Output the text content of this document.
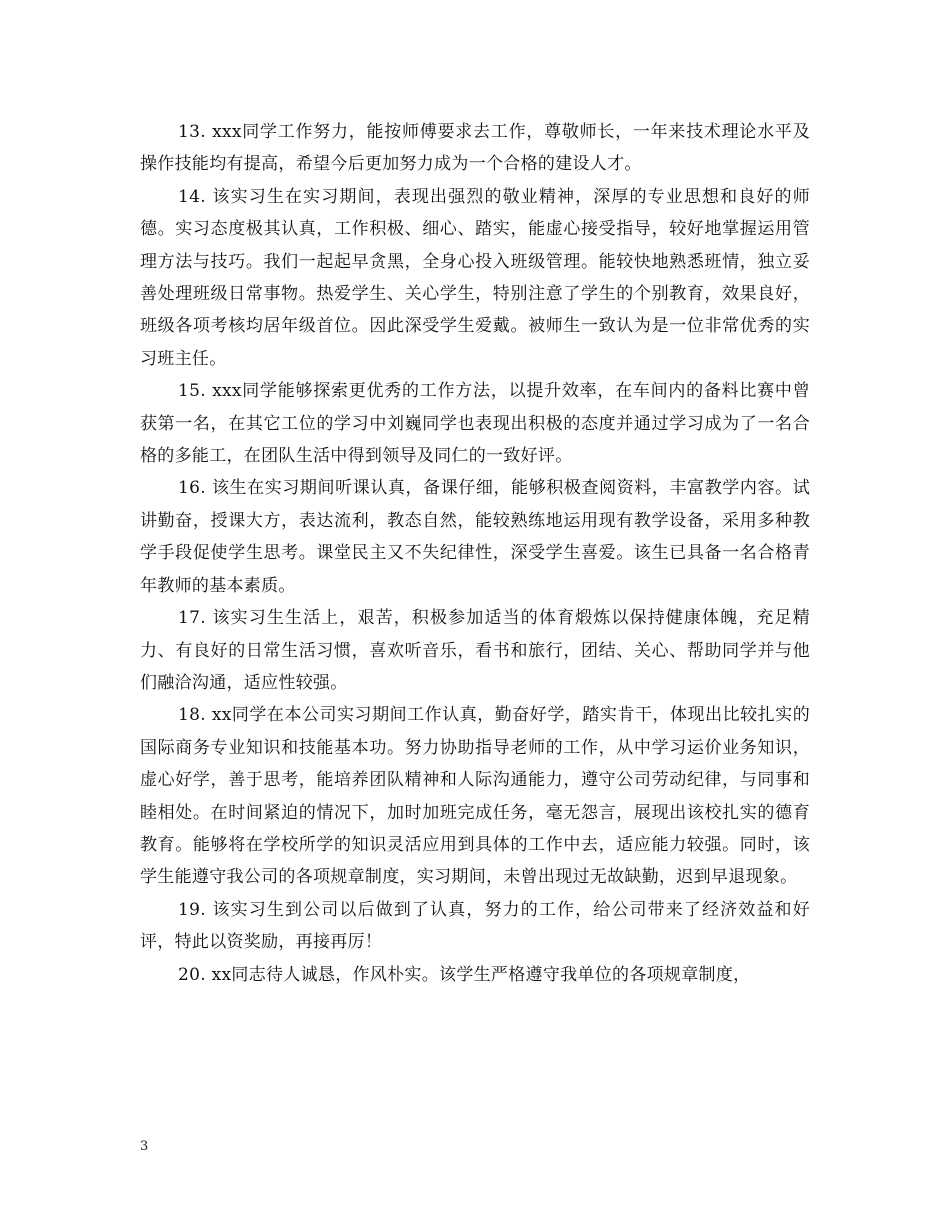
13. xxx同学工作努力，能按师傅要求去工作，尊敬师长，一年来技术理论水平及操作技能均有提高，希望今后更加努力成为一个合格的建设人才。

14. 该实习生在实习期间，表现出强烈的敬业精神，深厚的专业思想和良好的师德。实习态度极其认真，工作积极、细心、踏实，能虚心接受指导，较好地掌握运用管理方法与技巧。我们一起起早贪黑，全身心投入班级管理。能较快地熟悉班情，独立妥善处理班级日常事物。热爱学生、关心学生，特别注意了学生的个别教育，效果良好，班级各项考核均居年级首位。因此深受学生爱戴。被师生一致认为是一位非常优秀的实习班主任。

15. xxx同学能够探索更优秀的工作方法，以提升效率，在车间内的备料比赛中曾获第一名，在其它工位的学习中刘巍同学也表现出积极的态度并通过学习成为了一名合格的多能工，在团队生活中得到领导及同仁的一致好评。

16. 该生在实习期间听课认真，备课仔细，能够积极查阅资料，丰富教学内容。试讲勤奋，授课大方，表达流利，教态自然，能较熟练地运用现有教学设备，采用多种教学手段促使学生思考。课堂民主又不失纪律性，深受学生喜爱。该生已具备一名合格青年教师的基本素质。

17. 该实习生生活上，艰苦，积极参加适当的体育煅炼以保持健康体魄，充足精力、有良好的日常生活习惯，喜欢听音乐，看书和旅行，团结、关心、帮助同学并与他们融洽沟通，适应性较强。

18. xx同学在本公司实习期间工作认真，勤奋好学，踏实肯干，体现出比较扎实的国际商务专业知识和技能基本功。努力协助指导老师的工作，从中学习运价业务知识，虚心好学，善于思考，能培养团队精神和人际沟通能力，遵守公司劳动纪律，与同事和睦相处。在时间紧迫的情况下，加时加班完成任务，毫无怨言，展现出该校扎实的德育教育。能够将在学校所学的知识灵活应用到具体的工作中去，适应能力较强。同时，该学生能遵守我公司的各项规章制度，实习期间，未曾出现过无故缺勤，迟到早退现象。

19. 该实习生到公司以后做到了认真，努力的工作，给公司带来了经济效益和好评，特此以资奖励，再接再厉！

20. xx同志待人诚恳，作风朴实。该学生严格遵守我单位的各项规章制度，

3
